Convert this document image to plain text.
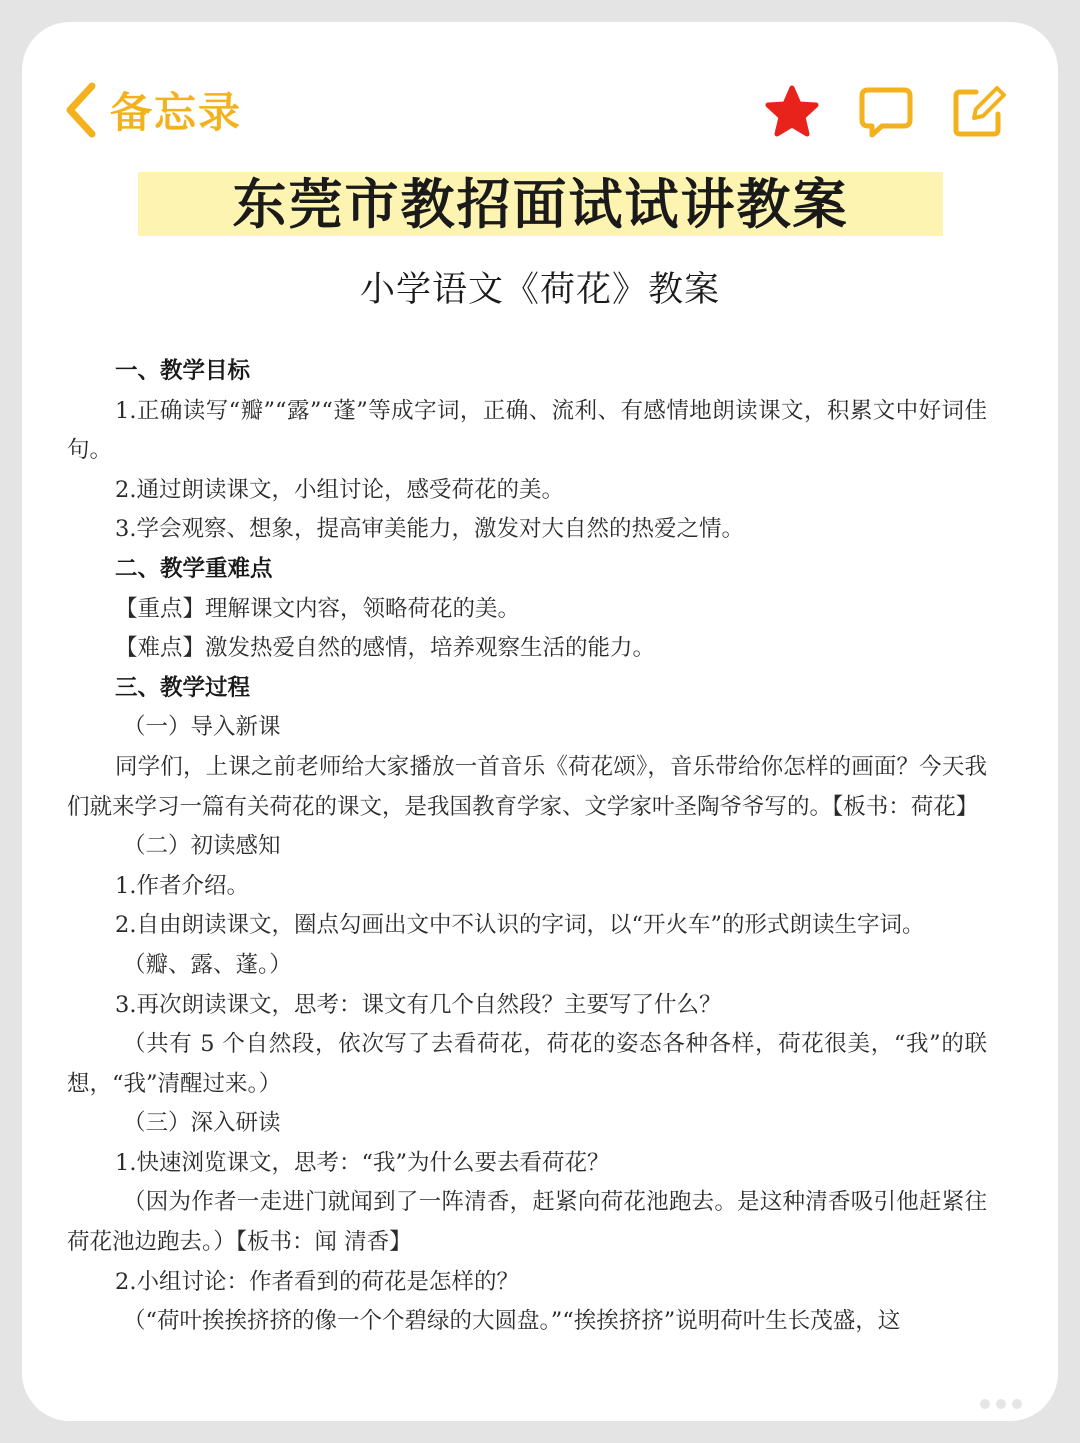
备忘录
东莞市教招面试试讲教案
小学语文《荷花》教案

一、教学目标

1.正确读写“瓣”“露”“蓬”等成字词，正确、流利、有感情地朗读课文，积累文中好词佳句。

2.通过朗读课文，小组讨论，感受荷花的美。

3.学会观察、想象，提高审美能力，激发对大自然的热爱之情。

二、教学重难点

【重点】理解课文内容，领略荷花的美。

【难点】激发热爱自然的感情，培养观察生活的能力。

三、教学过程

（一）导入新课

同学们，上课之前老师给大家播放一首音乐《荷花颂》，音乐带给你怎样的画面？今天我们就来学习一篇有关荷花的课文，是我国教育学家、文学家叶圣陶爷爷写的。【板书：荷花】

（二）初读感知

1.作者介绍。

2.自由朗读课文，圈点勾画出文中不认识的字词，以“开火车”的形式朗读生字词。

（瓣、露、蓬。）

3.再次朗读课文，思考：课文有几个自然段？主要写了什么？

（共有 5 个自然段，依次写了去看荷花，荷花的姿态各种各样，荷花很美，“我”的联想，“我”清醒过来。）

（三）深入研读

1.快速浏览课文，思考：“我”为什么要去看荷花？

（因为作者一走进门就闻到了一阵清香，赶紧向荷花池跑去。是这种清香吸引他赶紧往荷花池边跑去。）【板书：闻 清香】

2.小组讨论：作者看到的荷花是怎样的？

（“荷叶挨挨挤挤的像一个个碧绿的大圆盘。”“挨挨挤挤”说明荷叶生长茂盛，这
